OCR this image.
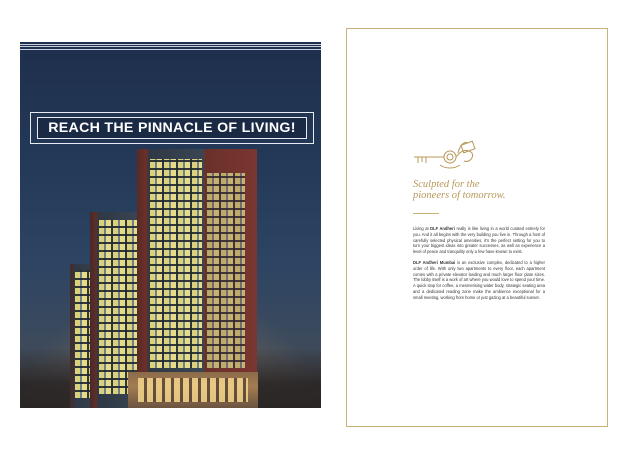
REACH THE PINNACLE OF LIVING!
Sculpted for the
pioneers of tomorrow.

Living at DLF Andheri really is like living in a world curated entirely for you. And it all begins with the very building you live in. Through a host of carefully selected physical amenities, it's the perfect setting for you to turn your biggest ideas into greater successes, as well as experience a level of peace and tranquility only a few have known to exist.

DLF Andheri Mumbai is an exclusive complex, dedicated to a higher order of life. With only two apartments to every floor, each apartment comes with a private elevator landing and much larger floor plate sizes. The lobby itself is a work of art where you would love to spend your time. A quick stop for coffee, a mesmerising water body, strategic seating area and a dedicated reading zone make the ambience exceptional for a small meeting, working from home or just gazing at a beautiful sunset.
